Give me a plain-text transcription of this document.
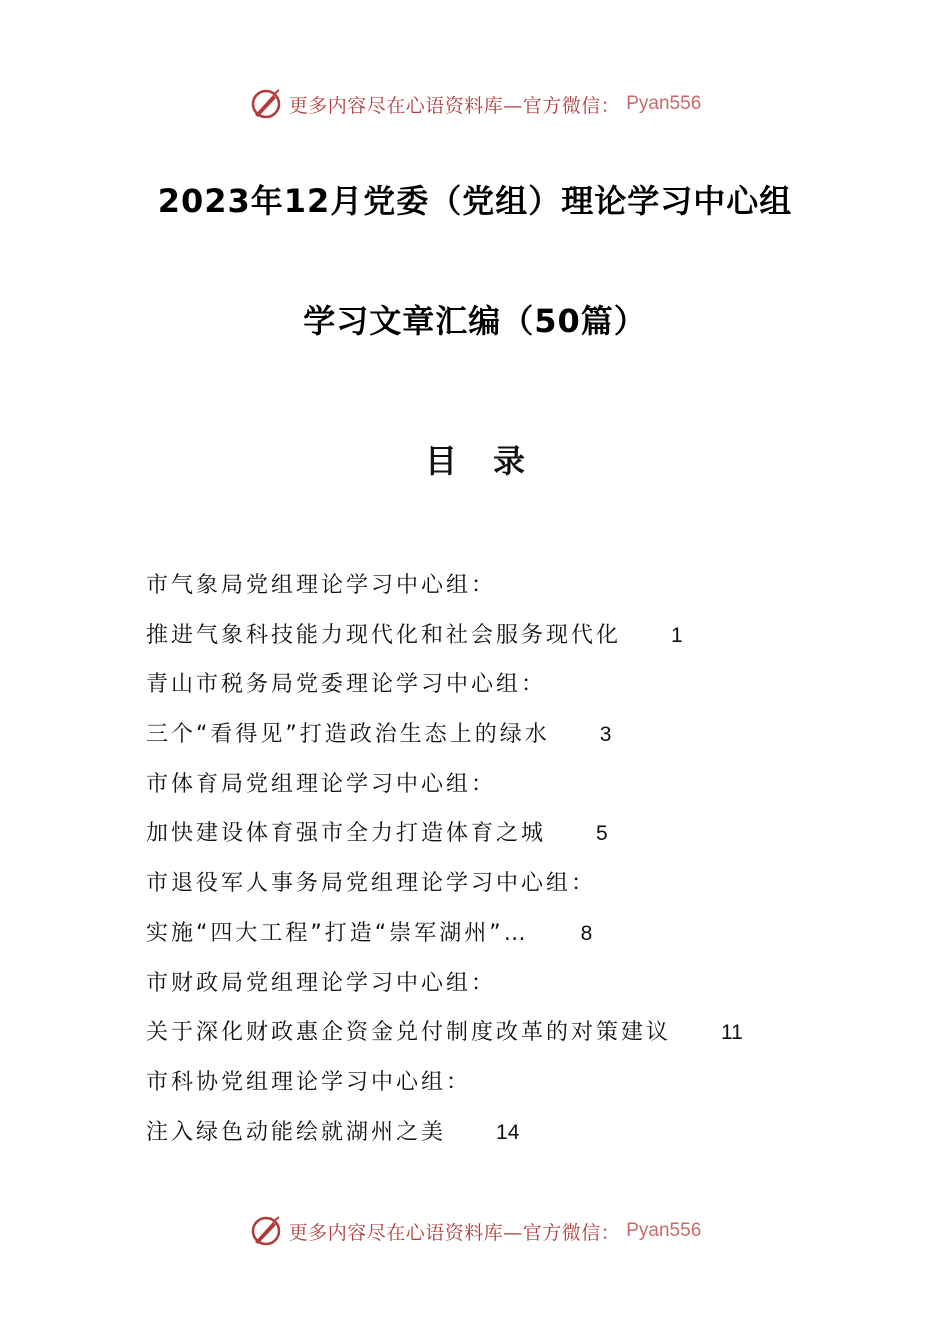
更多内容尽在心语资料库—官方微信： Pyan556
2023年12月党委（党组）理论学习中心组
学习文章汇编（50篇）
目录
市气象局党组理论学习中心组：
推进气象科技能力现代化和社会服务现代化 1
青山市税务局党委理论学习中心组：
三个“看得见”打造政治生态上的绿水 3
市体育局党组理论学习中心组：
加快建设体育强市全力打造体育之城 5
市退役军人事务局党组理论学习中心组：
实施“四大工程”打造“崇军湖州”… 8
市财政局党组理论学习中心组：
关于深化财政惠企资金兑付制度改革的对策建议 11
市科协党组理论学习中心组：
注入绿色动能绘就湖州之美 14
更多内容尽在心语资料库—官方微信： Pyan556
